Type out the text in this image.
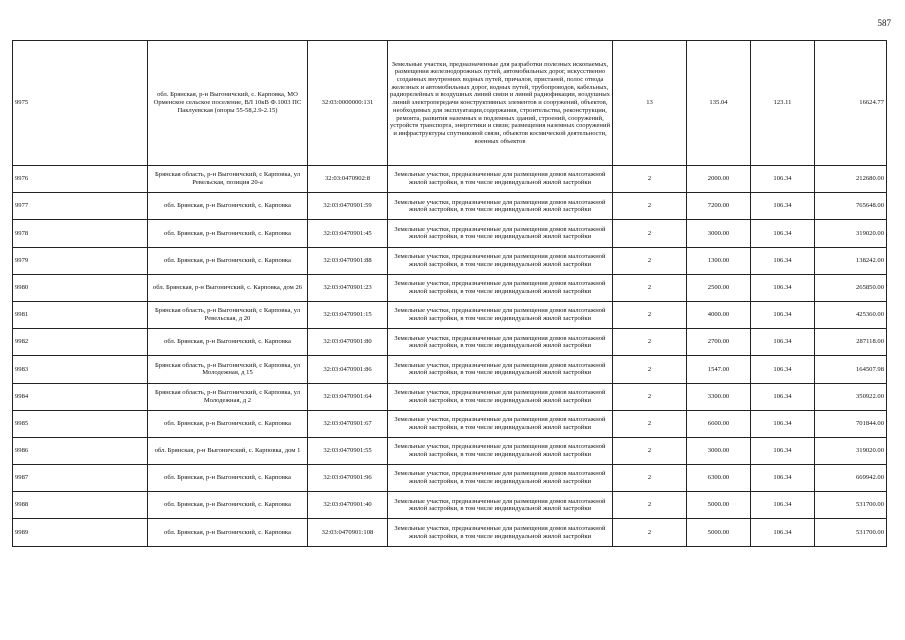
587
9975	обл. Брянская, р-н Выгоничский, с. Карповка, МО Орменское сельское поселение, ВЛ 10кВ Ф.1003 ПС Паклуевская (опоры 55-58,2.9-2.15)	32:03:0000000:131	Земельные участки, предназначенные для разработки полезных ископаемых, размещения железнодорожных путей, автомобильных дорог, искусственно созданных внутренних водных путей, причалов, пристаней, полос отвода железных и автомобильных дорог, водных путей, трубопроводов, кабельных, радиорелейных и воздушных линий связи и линий радиофикации, воздушных линий электропередачи конструктивных элементов и сооружений, объектов, необходимых для эксплуатации,содержания, строительства, реконструкции, ремонта, развития наземных и подземных зданий, строений, сооружений, устройств транспорта, энергетики и связи; размещения наземных сооружений и инфраструктуры спутниковой связи, объектов космической деятельности, военных объектов	13	135.04	123.11	16624.77
9976	Брянская область, р-н Выгоничский, с Карповка, ул Ревельская, позиция 20-а	32:03:0470902:8	Земельные участки, предназначенные для размещения домов малоэтажной жилой застройки, в том числе индивидуальной жилой застройки	2	2000.00	106.34	212680.00
9977	обл. Брянская, р-н Выгоничский, с. Карповка	32:03:0470901:59	Земельные участки, предназначенные для размещения домов малоэтажной жилой застройки, в том числе индивидуальной жилой застройки	2	7200.00	106.34	765648.00
9978	обл. Брянская, р-н Выгоничский, с. Карповка	32:03:0470901:45	Земельные участки, предназначенные для размещения домов малоэтажной жилой застройки, в том числе индивидуальной жилой застройки	2	3000.00	106.34	319020.00
9979	обл. Брянская, р-н Выгоничский, с. Карповка	32:03:0470901:88	Земельные участки, предназначенные для размещения домов малоэтажной жилой застройки, в том числе индивидуальной жилой застройки	2	1300.00	106.34	138242.00
9980	обл. Брянская, р-н Выгоничский, с. Карповка, дом 26	32:03:0470901:23	Земельные участки, предназначенные для размещения домов малоэтажной жилой застройки, в том числе индивидуальной жилой застройки	2	2500.00	106.34	265850.00
9981	Брянская область, р-н Выгоничский, с Карповка, ул Ревельская, д 20	32:03:0470901:15	Земельные участки, предназначенные для размещения домов малоэтажной жилой застройки, в том числе индивидуальной жилой застройки	2	4000.00	106.34	425360.00
9982	обл. Брянская, р-н Выгоничский, с. Карповка	32:03:0470901:80	Земельные участки, предназначенные для размещения домов малоэтажной жилой застройки, в том числе индивидуальной жилой застройки	2	2700.00	106.34	287118.00
9983	Брянская область, р-н Выгоничский, с Карповка, ул Молодежная, д 15	32:03:0470901:86	Земельные участки, предназначенные для размещения домов малоэтажной жилой застройки, в том числе индивидуальной жилой застройки	2	1547.00	106.34	164507.98
9984	Брянская область, р-н Выгоничский, с Карповка, ул Молодежная, д 2	32:03:0470901:64	Земельные участки, предназначенные для размещения домов малоэтажной жилой застройки, в том числе индивидуальной жилой застройки	2	3300.00	106.34	350922.00
9985	обл. Брянская, р-н Выгоничский, с. Карповка	32:03:0470901:67	Земельные участки, предназначенные для размещения домов малоэтажной жилой застройки, в том числе индивидуальной жилой застройки	2	6600.00	106.34	701844.00
9986	обл. Брянская, р-н Выгоничский, с. Карповка, дом 1	32:03:0470901:55	Земельные участки, предназначенные для размещения домов малоэтажной жилой застройки, в том числе индивидуальной жилой застройки	2	3000.00	106.34	319020.00
9987	обл. Брянская, р-н Выгоничский, с. Карповка	32:03:0470901:96	Земельные участки, предназначенные для размещения домов малоэтажной жилой застройки, в том числе индивидуальной жилой застройки	2	6300.00	106.34	669942.00
9988	обл. Брянская, р-н Выгоничский, с. Карповка	32:03:0470901:40	Земельные участки, предназначенные для размещения домов малоэтажной жилой застройки, в том числе индивидуальной жилой застройки	2	5000.00	106.34	531700.00
9989	обл. Брянская, р-н Выгоничский, с. Карповка	32:03:0470901:108	Земельные участки, предназначенные для размещения домов малоэтажной жилой застройки, в том числе индивидуальной жилой застройки	2	5000.00	106.34	531700.00
